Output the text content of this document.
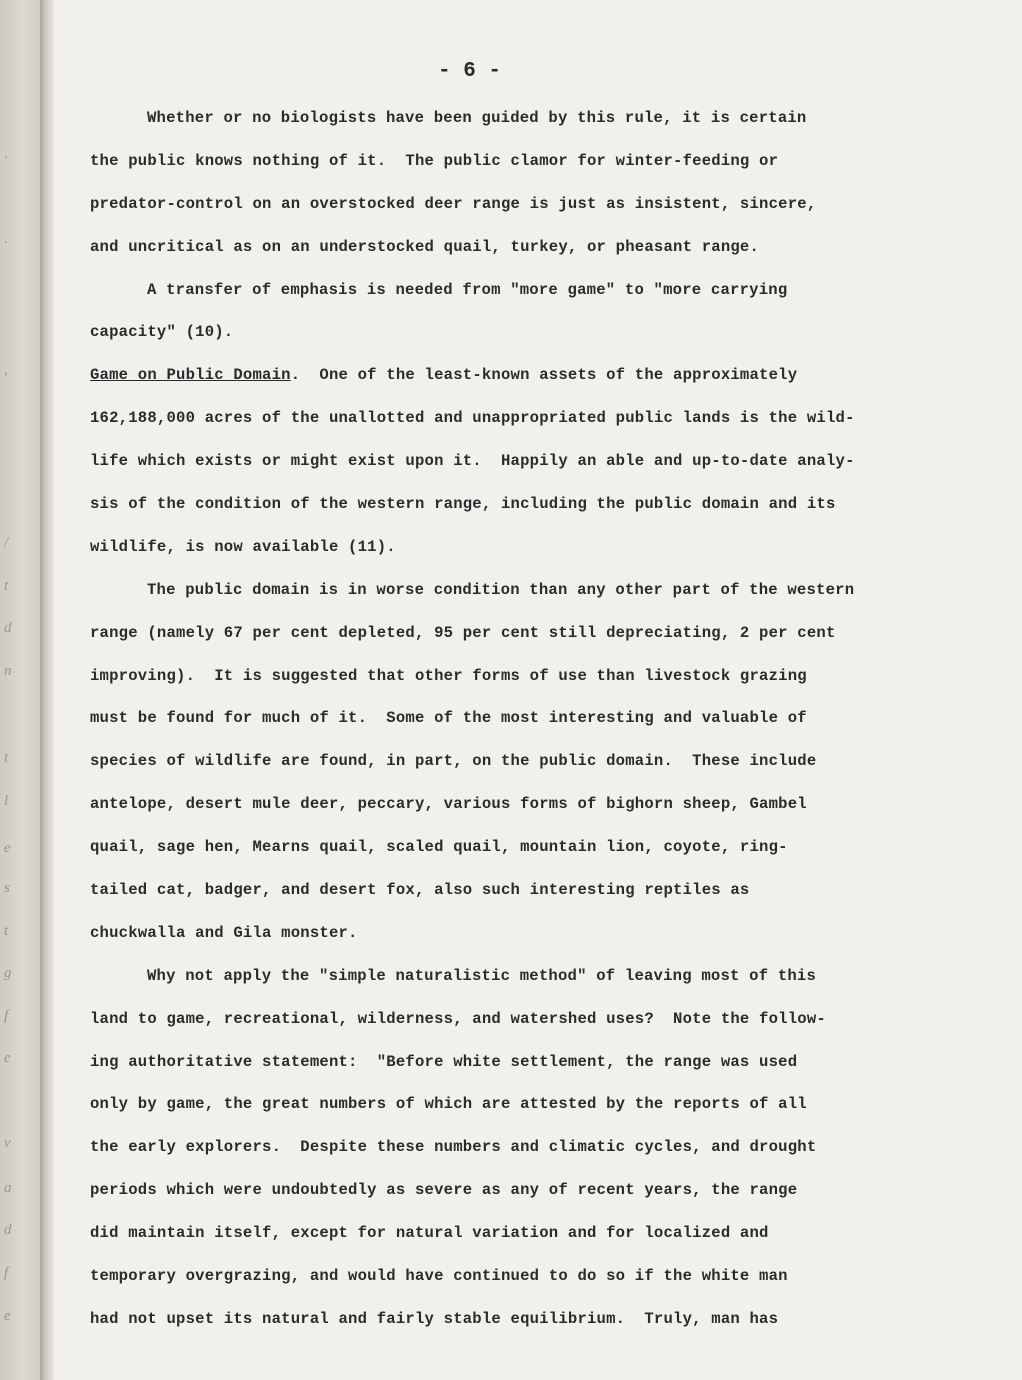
·
·
,
/
t
d
n
t
l
e
s
t
g
f
e
v
a
d
f
e
- 6 -
Whether or no biologists have been guided by this rule, it is certain
the public knows nothing of it.  The public clamor for winter-feeding or
predator-control on an overstocked deer range is just as insistent, sincere,
and uncritical as on an understocked quail, turkey, or pheasant range.
A transfer of emphasis is needed from "more game" to "more carrying
capacity" (10).
Game on Public Domain.  One of the least-known assets of the approximately
162,188,000 acres of the unallotted and unappropriated public lands is the wild-
life which exists or might exist upon it.  Happily an able and up-to-date analy-
sis of the condition of the western range, including the public domain and its
wildlife, is now available (11).
The public domain is in worse condition than any other part of the western
range (namely 67 per cent depleted, 95 per cent still depreciating, 2 per cent
improving).  It is suggested that other forms of use than livestock grazing
must be found for much of it.  Some of the most interesting and valuable of
species of wildlife are found, in part, on the public domain.  These include
antelope, desert mule deer, peccary, various forms of bighorn sheep, Gambel
quail, sage hen, Mearns quail, scaled quail, mountain lion, coyote, ring-
tailed cat, badger, and desert fox, also such interesting reptiles as
chuckwalla and Gila monster.
Why not apply the "simple naturalistic method" of leaving most of this
land to game, recreational, wilderness, and watershed uses?  Note the follow-
ing authoritative statement:  "Before white settlement, the range was used
only by game, the great numbers of which are attested by the reports of all
the early explorers.  Despite these numbers and climatic cycles, and drought
periods which were undoubtedly as severe as any of recent years, the range
did maintain itself, except for natural variation and for localized and
temporary overgrazing, and would have continued to do so if the white man
had not upset its natural and fairly stable equilibrium.  Truly, man has
